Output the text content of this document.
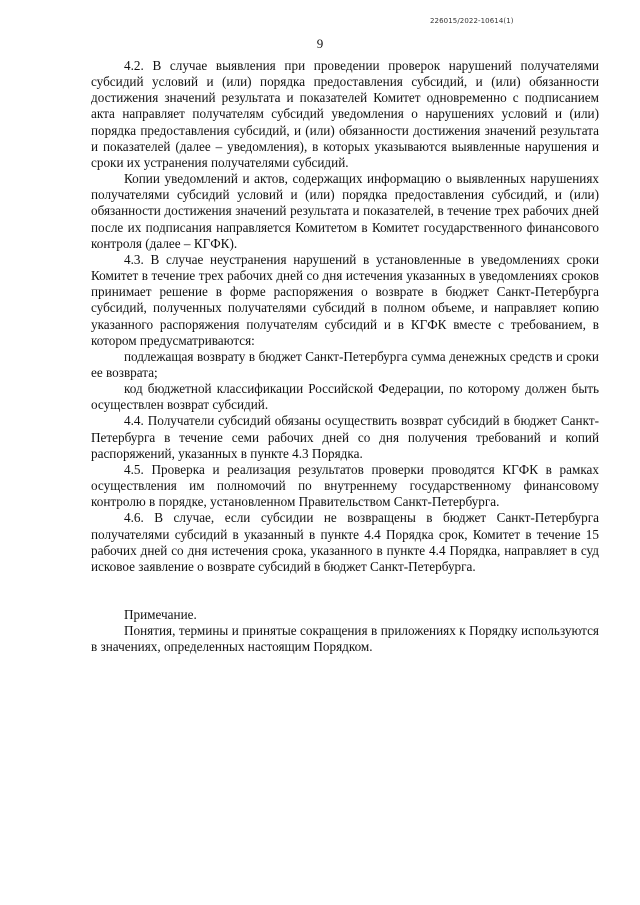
226015/2022-10614(1)
9

4.2. В случае выявления при проведении проверок нарушений получателями субсидий условий и (или) порядка предоставления субсидий, и (или) обязанности достижения значений результата и показателей Комитет одновременно с подписанием акта направляет получателям субсидий уведомления о нарушениях условий и (или) порядка предоставления субсидий, и (или) обязанности достижения значений результата и показателей (далее – уведомления), в которых указываются выявленные нарушения и сроки их устранения получателями субсидий.

Копии уведомлений и актов, содержащих информацию о выявленных нарушениях получателями субсидий условий и (или) порядка предоставления субсидий, и (или) обязанности достижения значений результата и показателей, в течение трех рабочих дней после их подписания направляется Комитетом в Комитет государственного финансового контроля (далее – КГФК).

4.3. В случае неустранения нарушений в установленные в уведомлениях сроки Комитет в течение трех рабочих дней со дня истечения указанных в уведомлениях сроков принимает решение в форме распоряжения о возврате в бюджет Санкт-Петербурга субсидий, полученных получателями субсидий в полном объеме, и направляет копию указанного распоряжения получателям субсидий и в КГФК вместе с требованием, в котором предусматриваются:

подлежащая возврату в бюджет Санкт-Петербурга сумма денежных средств и сроки ее возврата;

код бюджетной классификации Российской Федерации, по которому должен быть осуществлен возврат субсидий.

4.4. Получатели субсидий обязаны осуществить возврат субсидий в бюджет Санкт-Петербурга в течение семи рабочих дней со дня получения требований и копий распоряжений, указанных в пункте 4.3 Порядка.

4.5. Проверка и реализация результатов проверки проводятся КГФК в рамках осуществления им полномочий по внутреннему государственному финансовому контролю в порядке, установленном Правительством Санкт-Петербурга.

4.6. В случае, если субсидии не возвращены в бюджет Санкт-Петербурга получателями субсидий в указанный в пункте 4.4 Порядка срок, Комитет в течение 15 рабочих дней со дня истечения срока, указанного в пункте 4.4 Порядка, направляет в суд исковое заявление о возврате субсидий в бюджет Санкт-Петербурга.

Примечание.

Понятия, термины и принятые сокращения в приложениях к Порядку используются в значениях, определенных настоящим Порядком.
